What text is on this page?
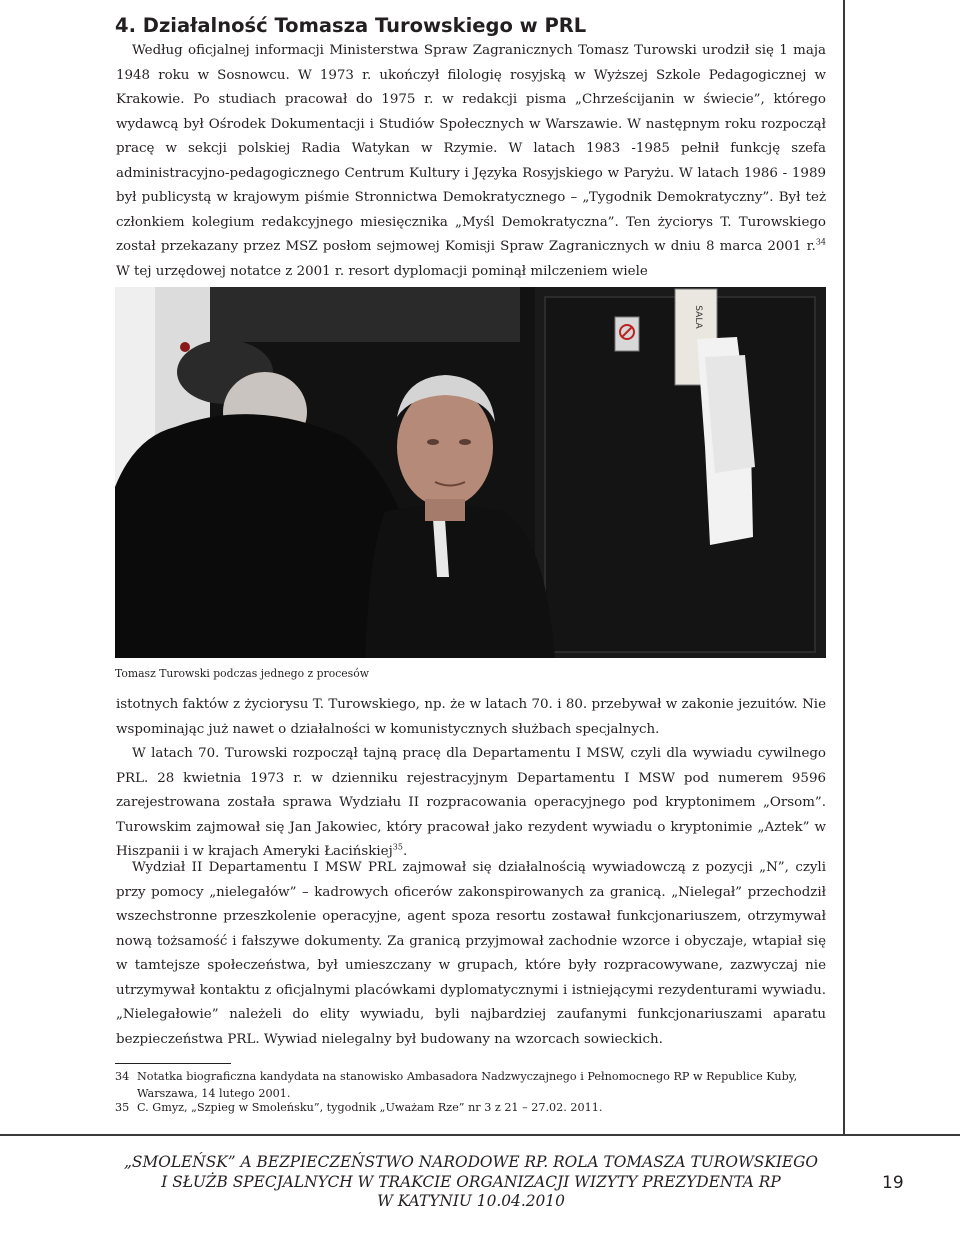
4. Działalność Tomasza Turowskiego w PRL

Według oficjalnej informacji Ministerstwa Spraw Zagranicznych Tomasz Turowski urodził się 1 maja 1948 roku w Sosnowcu. W 1973 r. ukończył filologię rosyjską w Wyższej Szkole Pedagogicznej w Krakowie. Po studiach pracował do 1975 r. w redakcji pisma „Chrześcijanin w świecie”, którego wydawcą był Ośrodek Dokumentacji i Studiów Społecznych w Warszawie. W następnym roku rozpoczął pracę w sekcji polskiej Radia Watykan w Rzymie. W latach 1983 -1985 pełnił funkcję szefa administracyjno-pedagogicznego Centrum Kultury i Języka Rosyjskiego w Paryżu. W latach 1986 - 1989 był publicystą w krajowym piśmie Stronnictwa Demokratycznego – „Tygodnik Demokratyczny”. Był też członkiem kolegium redakcyjnego miesięcznika „Myśl Demokratyczna”. Ten życiorys T. Turowskiego został przekazany przez MSZ posłom sejmowej Komisji Spraw Zagranicznych w dniu 8 marca 2001 r.$^{34}$ W tej urzędowej notatce z 2001 r. resort dyplomacji pominął milczeniem wiele

SALA

Tomasz Turowski podczas jednego z procesów

istotnych faktów z życiorysu T. Turowskiego, np. że w latach 70. i 80. przebywał w zakonie jezuitów. Nie wspominając już nawet o działalności w komunistycznych służbach specjalnych.

W latach 70. Turowski rozpoczął tajną pracę dla Departamentu I MSW, czyli dla wywiadu cywilnego PRL. 28 kwietnia 1973 r. w dzienniku rejestracyjnym Departamentu I MSW pod numerem 9596 zarejestrowana została sprawa Wydziału II rozpracowania operacyjnego pod kryptonimem „Orsom”. Turowskim zajmował się Jan Jakowiec, który pracował jako rezydent wywiadu o kryptonimie „Aztek” w Hiszpanii i w krajach Ameryki Łacińskiej$^{35}$.

Wydział II Departamentu I MSW PRL zajmował się działalnością wywiadowczą z pozycji „N”, czyli przy pomocy „nielegałów” – kadrowych oficerów zakonspirowanych za granicą. „Nielegał” przechodził wszechstronne przeszkolenie operacyjne, agent spoza resortu zostawał funkcjonariuszem, otrzymywał nową tożsamość i fałszywe dokumenty. Za granicą przyjmował zachodnie wzorce i obyczaje, wtapiał się w tamtejsze społeczeństwa, był umieszczany w grupach, które były rozpracowywane, zazwyczaj nie utrzymywał kontaktu z oficjalnymi placówkami dyplomatycznymi i istniejącymi rezydenturami wywiadu. „Nielegałowie” należeli do elity wywiadu, byli najbardziej zaufanymi funkcjonariuszami aparatu bezpieczeństwa PRL. Wywiad nielegalny był budowany na wzorcach sowieckich.

34 Notatka biograficzna kandydata na stanowisko Ambasadora Nadzwyczajnego i Pełnomocnego RP w Republice Kuby, Warszawa, 14 lutego 2001.
35 C. Gmyz, „Szpieg w Smoleńsku”, tygodnik „Uważam Rze” nr 3 z 21 – 27.02. 2011.
„SMOLEŃSK” A BEZPIECZEŃSTWO NARODOWE RP. ROLA TOMASZA TUROWSKIEGO
I SŁUŻB SPECJALNYCH W TRAKCIE ORGANIZACJI WIZYTY PREZYDENTA RP
W KATYNIU 10.04.2010

19
